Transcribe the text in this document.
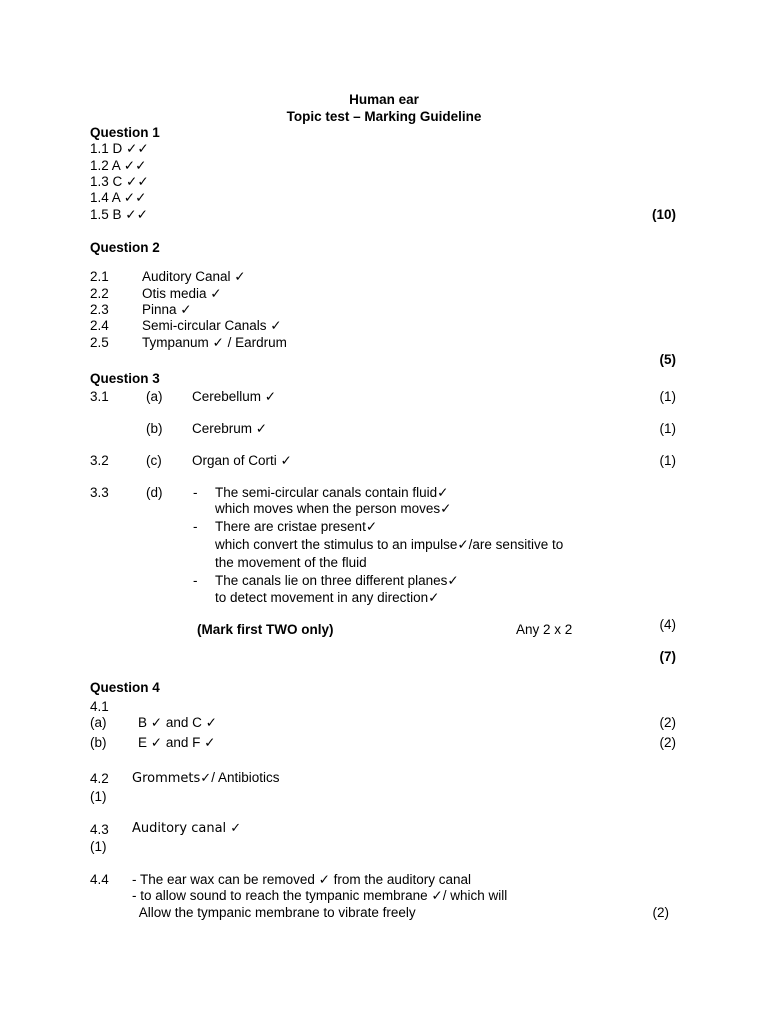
Human ear
Topic test – Marking Guideline
Question 1
1.1 D ✓✓
1.2 A ✓✓
1.3 C ✓✓
1.4 A ✓✓
1.5 B ✓✓	(10)
Question 2
2.1 Auditory Canal ✓
2.2 Otis media ✓
2.3 Pinna ✓
2.4 Semi-circular Canals ✓
2.5 Tympanum ✓ / Eardrum
(5)
Question 3
3.1	(a) Cerebellum ✓	(1)
(b) Cerebrum ✓	(1)
3.2	(c) Organ of Corti ✓	(1)
3.3	(d) - The semi-circular canals contain fluid✓
which moves when the person moves✓
- There are cristae present✓
which convert the stimulus to an impulse✓/are sensitive to
the movement of the fluid
- The canals lie on three different planes✓
to detect movement in any direction✓
(Mark first TWO only)	Any 2 x 2	(4)
(7)
Question 4
4.1
(a) B ✓ and C ✓	(2)
(b) E ✓ and F ✓	(2)
4.2 Grommets✓/ Antibiotics
(1)
4.3 Auditory canal ✓
(1)
4.4 - The ear wax can be removed ✓ from the auditory canal
- to allow sound to reach the tympanic membrane ✓/ which will
Allow the tympanic membrane to vibrate freely	(2)
